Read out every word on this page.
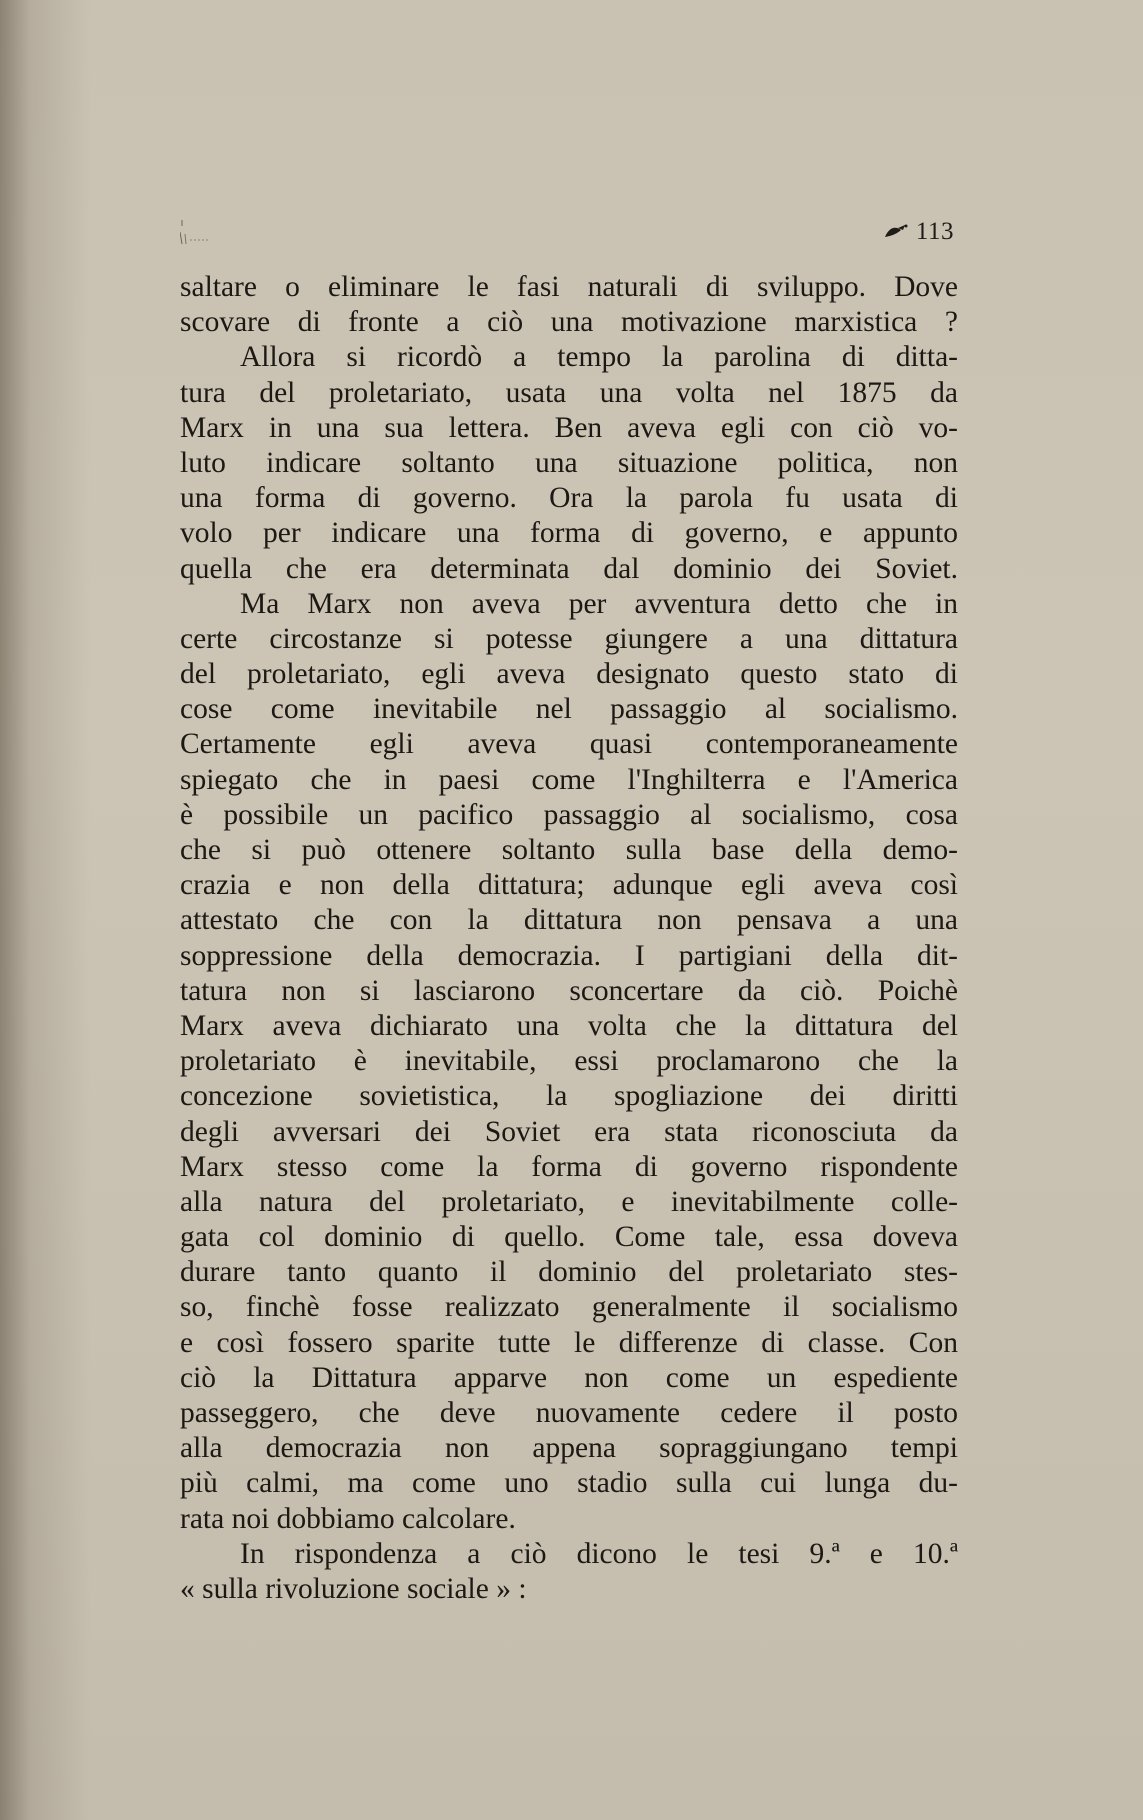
113
saltare o eliminare le fasi naturali di sviluppo. Dove
scovare di fronte a ciò una motivazione marxistica ?
Allora si ricordò a tempo la parolina di ditta-
tura del proletariato, usata una volta nel 1875 da
Marx in una sua lettera. Ben aveva egli con ciò vo-
luto indicare soltanto una situazione politica, non
una forma di governo. Ora la parola fu usata di
volo per indicare una forma di governo, e appunto
quella che era determinata dal dominio dei Soviet.
Ma Marx non aveva per avventura detto che in
certe circostanze si potesse giungere a una dittatura
del proletariato, egli aveva designato questo stato di
cose come inevitabile nel passaggio al socialismo.
Certamente egli aveva quasi contemporaneamente
spiegato che in paesi come l'Inghilterra e l'America
è possibile un pacifico passaggio al socialismo, cosa
che si può ottenere soltanto sulla base della demo-
crazia e non della dittatura; adunque egli aveva così
attestato che con la dittatura non pensava a una
soppressione della democrazia. I partigiani della dit-
tatura non si lasciarono sconcertare da ciò. Poichè
Marx aveva dichiarato una volta che la dittatura del
proletariato è inevitabile, essi proclamarono che la
concezione sovietistica, la spogliazione dei diritti
degli avversari dei Soviet era stata riconosciuta da
Marx stesso come la forma di governo rispondente
alla natura del proletariato, e inevitabilmente colle-
gata col dominio di quello. Come tale, essa doveva
durare tanto quanto il dominio del proletariato stes-
so, finchè fosse realizzato generalmente il socialismo
e così fossero sparite tutte le differenze di classe. Con
ciò la Dittatura apparve non come un espediente
passeggero, che deve nuovamente cedere il posto
alla democrazia non appena sopraggiungano tempi
più calmi, ma come uno stadio sulla cui lunga du-
rata noi dobbiamo calcolare.
In rispondenza a ciò dicono le tesi 9.ª e 10.ª
« sulla rivoluzione sociale » :
